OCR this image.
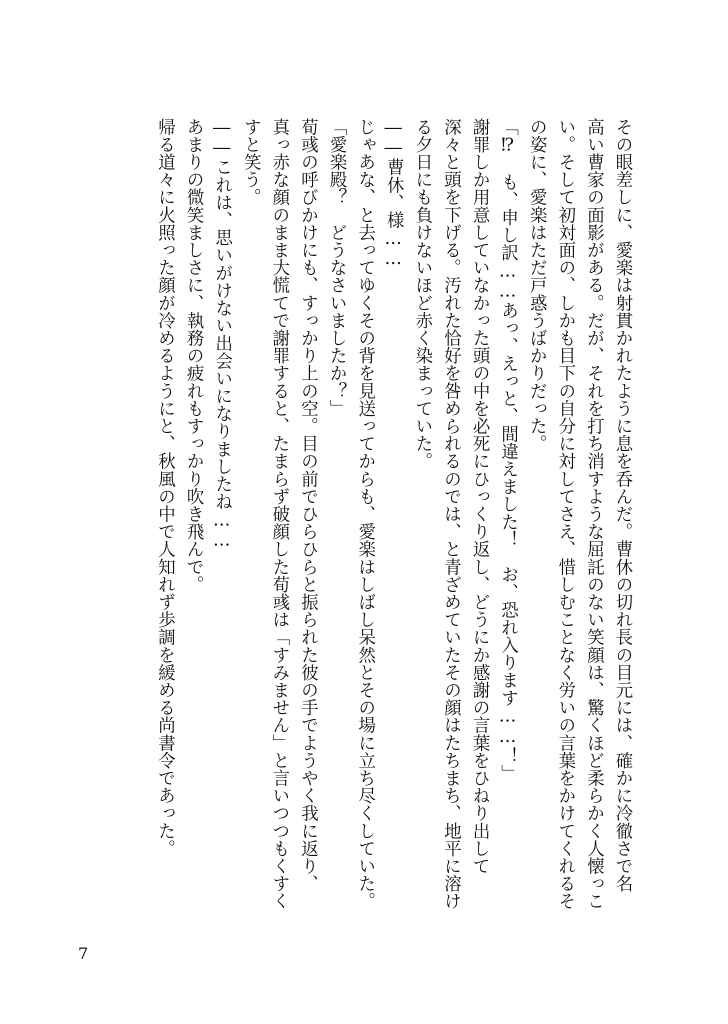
その眼差しに、愛楽は射貫かれたように息を呑んだ。曹休の切れ長の目元には、確かに冷徹さで名
高い曹家の面影がある。だが、それを打ち消すような屈託のない笑顔は、驚くほど柔らかく人懐っこ
い。そして初対面の、しかも目下の自分に対してさえ、惜しむことなく労いの言葉をかけてくれるそ
の姿に、愛楽はただ戸惑うばかりだった。
「⁉　も、申し訳……あっ、えっと、間違えました！　お、恐れ入ります……！」
謝罪しか用意していなかった頭の中を必死にひっくり返し、どうにか感謝の言葉をひねり出して
深々と頭を下げる。汚れた恰好を咎められるのでは、と青ざめていたその顔はたちまち、地平に溶け
る夕日にも負けないほど赤く染まっていた。
――曹休、様……
じゃあな、と去ってゆくその背を見送ってからも、愛楽はしばし呆然とその場に立ち尽くしていた。
「愛楽殿？　どうなさいましたか？」
荀彧の呼びかけにも、すっかり上の空。目の前でひらひらと振られた彼の手でようやく我に返り、
真っ赤な顔のまま大慌てで謝罪すると、たまらず破顔した荀彧は「すみません」と言いつつもくすく
すと笑う。
――これは、思いがけない出会いになりましたね……
あまりの微笑ましさに、執務の疲れもすっかり吹き飛んで。
帰る道々に火照った顔が冷めるようにと、秋風の中で人知れず歩調を緩める尚書令であった。
7
